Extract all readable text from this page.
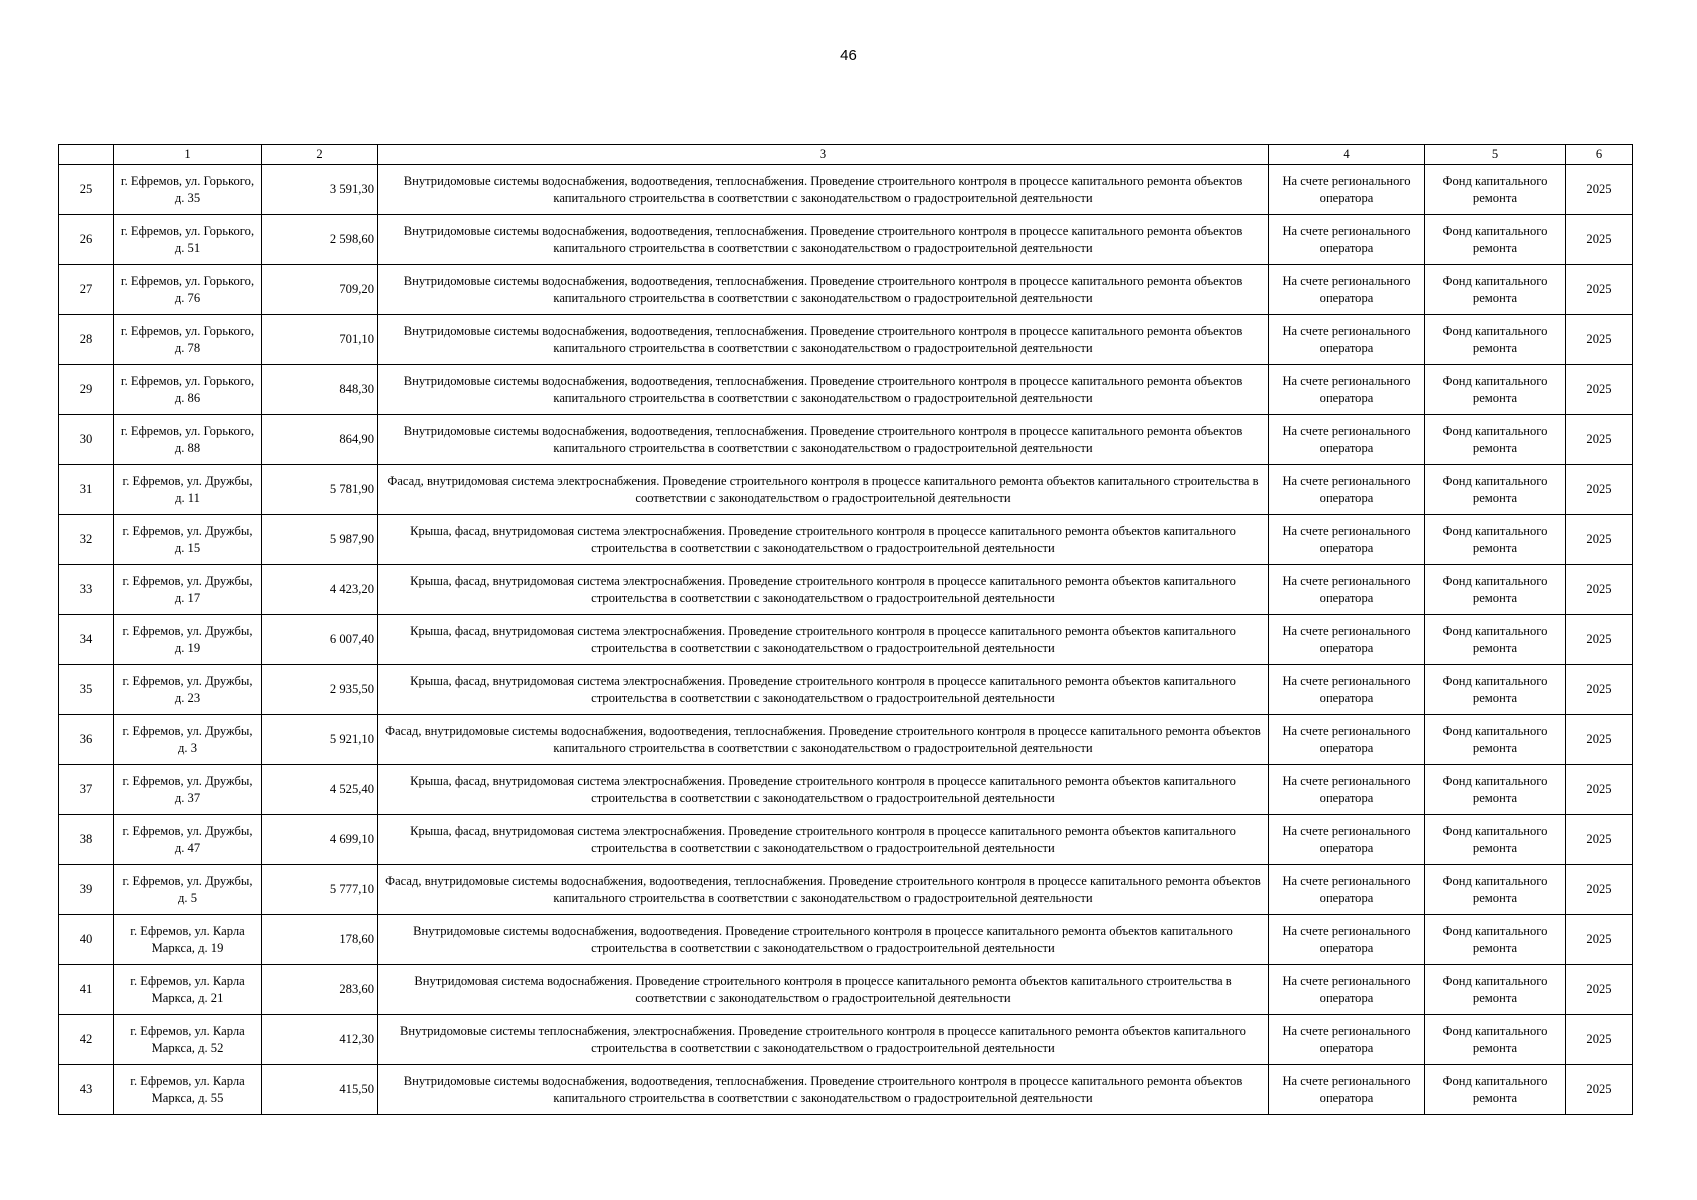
46
	1	2	3	4	5	6
25	г. Ефремов, ул. Горького, д. 35	3 591,30	Внутридомовые системы водоснабжения, водоотведения, теплоснабжения. Проведение строительного контроля в процессе капитального ремонта объектов капитального строительства в соответствии с законодательством о градостроительной деятельности	На счете регионального оператора	Фонд капитального ремонта	2025
26	г. Ефремов, ул. Горького, д. 51	2 598,60	Внутридомовые системы водоснабжения, водоотведения, теплоснабжения. Проведение строительного контроля в процессе капитального ремонта объектов капитального строительства в соответствии с законодательством о градостроительной деятельности	На счете регионального оператора	Фонд капитального ремонта	2025
27	г. Ефремов, ул. Горького, д. 76	709,20	Внутридомовые системы водоснабжения, водоотведения, теплоснабжения. Проведение строительного контроля в процессе капитального ремонта объектов капитального строительства в соответствии с законодательством о градостроительной деятельности	На счете регионального оператора	Фонд капитального ремонта	2025
28	г. Ефремов, ул. Горького, д. 78	701,10	Внутридомовые системы водоснабжения, водоотведения, теплоснабжения. Проведение строительного контроля в процессе капитального ремонта объектов капитального строительства в соответствии с законодательством о градостроительной деятельности	На счете регионального оператора	Фонд капитального ремонта	2025
29	г. Ефремов, ул. Горького, д. 86	848,30	Внутридомовые системы водоснабжения, водоотведения, теплоснабжения. Проведение строительного контроля в процессе капитального ремонта объектов капитального строительства в соответствии с законодательством о градостроительной деятельности	На счете регионального оператора	Фонд капитального ремонта	2025
30	г. Ефремов, ул. Горького, д. 88	864,90	Внутридомовые системы водоснабжения, водоотведения, теплоснабжения. Проведение строительного контроля в процессе капитального ремонта объектов капитального строительства в соответствии с законодательством о градостроительной деятельности	На счете регионального оператора	Фонд капитального ремонта	2025
31	г. Ефремов, ул. Дружбы, д. 11	5 781,90	Фасад, внутридомовая система электроснабжения. Проведение строительного контроля в процессе капитального ремонта объектов капитального строительства в соответствии с законодательством о градостроительной деятельности	На счете регионального оператора	Фонд капитального ремонта	2025
32	г. Ефремов, ул. Дружбы, д. 15	5 987,90	Крыша, фасад, внутридомовая система электроснабжения. Проведение строительного контроля в процессе капитального ремонта объектов капитального строительства в соответствии с законодательством о градостроительной деятельности	На счете регионального оператора	Фонд капитального ремонта	2025
33	г. Ефремов, ул. Дружбы, д. 17	4 423,20	Крыша, фасад, внутридомовая система электроснабжения. Проведение строительного контроля в процессе капитального ремонта объектов капитального строительства в соответствии с законодательством о градостроительной деятельности	На счете регионального оператора	Фонд капитального ремонта	2025
34	г. Ефремов, ул. Дружбы, д. 19	6 007,40	Крыша, фасад, внутридомовая система электроснабжения. Проведение строительного контроля в процессе капитального ремонта объектов капитального строительства в соответствии с законодательством о градостроительной деятельности	На счете регионального оператора	Фонд капитального ремонта	2025
35	г. Ефремов, ул. Дружбы, д. 23	2 935,50	Крыша, фасад, внутридомовая система электроснабжения. Проведение строительного контроля в процессе капитального ремонта объектов капитального строительства в соответствии с законодательством о градостроительной деятельности	На счете регионального оператора	Фонд капитального ремонта	2025
36	г. Ефремов, ул. Дружбы, д. 3	5 921,10	Фасад, внутридомовые системы водоснабжения, водоотведения, теплоснабжения. Проведение строительного контроля в процессе капитального ремонта объектов капитального строительства в соответствии с законодательством о градостроительной деятельности	На счете регионального оператора	Фонд капитального ремонта	2025
37	г. Ефремов, ул. Дружбы, д. 37	4 525,40	Крыша, фасад, внутридомовая система электроснабжения. Проведение строительного контроля в процессе капитального ремонта объектов капитального строительства в соответствии с законодательством о градостроительной деятельности	На счете регионального оператора	Фонд капитального ремонта	2025
38	г. Ефремов, ул. Дружбы, д. 47	4 699,10	Крыша, фасад, внутридомовая система электроснабжения. Проведение строительного контроля в процессе капитального ремонта объектов капитального строительства в соответствии с законодательством о градостроительной деятельности	На счете регионального оператора	Фонд капитального ремонта	2025
39	г. Ефремов, ул. Дружбы, д. 5	5 777,10	Фасад, внутридомовые системы водоснабжения, водоотведения, теплоснабжения. Проведение строительного контроля в процессе капитального ремонта объектов капитального строительства в соответствии с законодательством о градостроительной деятельности	На счете регионального оператора	Фонд капитального ремонта	2025
40	г. Ефремов, ул. Карла Маркса, д. 19	178,60	Внутридомовые системы водоснабжения, водоотведения. Проведение строительного контроля в процессе капитального ремонта объектов капитального строительства в соответствии с законодательством о градостроительной деятельности	На счете регионального оператора	Фонд капитального ремонта	2025
41	г. Ефремов, ул. Карла Маркса, д. 21	283,60	Внутридомовая система водоснабжения. Проведение строительного контроля в процессе капитального ремонта объектов капитального строительства в соответствии с законодательством о градостроительной деятельности	На счете регионального оператора	Фонд капитального ремонта	2025
42	г. Ефремов, ул. Карла Маркса, д. 52	412,30	Внутридомовые системы теплоснабжения, электроснабжения. Проведение строительного контроля в процессе капитального ремонта объектов капитального строительства в соответствии с законодательством о градостроительной деятельности	На счете регионального оператора	Фонд капитального ремонта	2025
43	г. Ефремов, ул. Карла Маркса, д. 55	415,50	Внутридомовые системы водоснабжения, водоотведения, теплоснабжения. Проведение строительного контроля в процессе капитального ремонта объектов капитального строительства в соответствии с законодательством о градостроительной деятельности	На счете регионального оператора	Фонд капитального ремонта	2025
